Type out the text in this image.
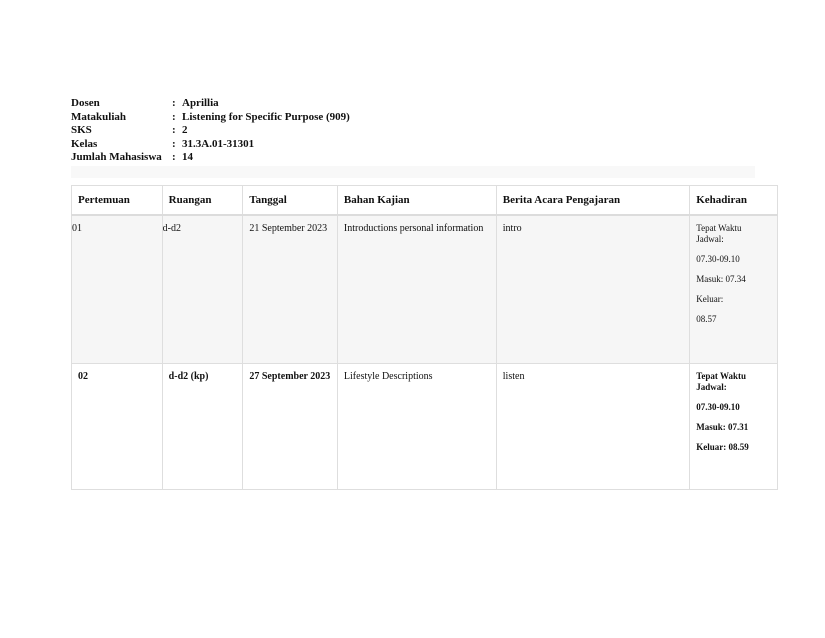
Dosen	: Aprillia
Matakuliah	: Listening for Specific Purpose (909)
SKS	: 2
Kelas	: 31.3A.01-31301
Jumlah Mahasiswa : 14
Pertemuan	Ruangan	Tanggal	Bahan Kajian	Berita Acara Pengajaran	Kehadiran
01	d-d2	21 September 2023	Introductions personal information	intro	Tepat Waktu Jadwal:

07.30-09.10

Masuk: 07.34

Keluar:

08.57

02	d-d2 (kp)	27 September 2023	Lifestyle Descriptions	listen	Tepat Waktu Jadwal:

07.30-09.10

Masuk: 07.31

Keluar: 08.59
